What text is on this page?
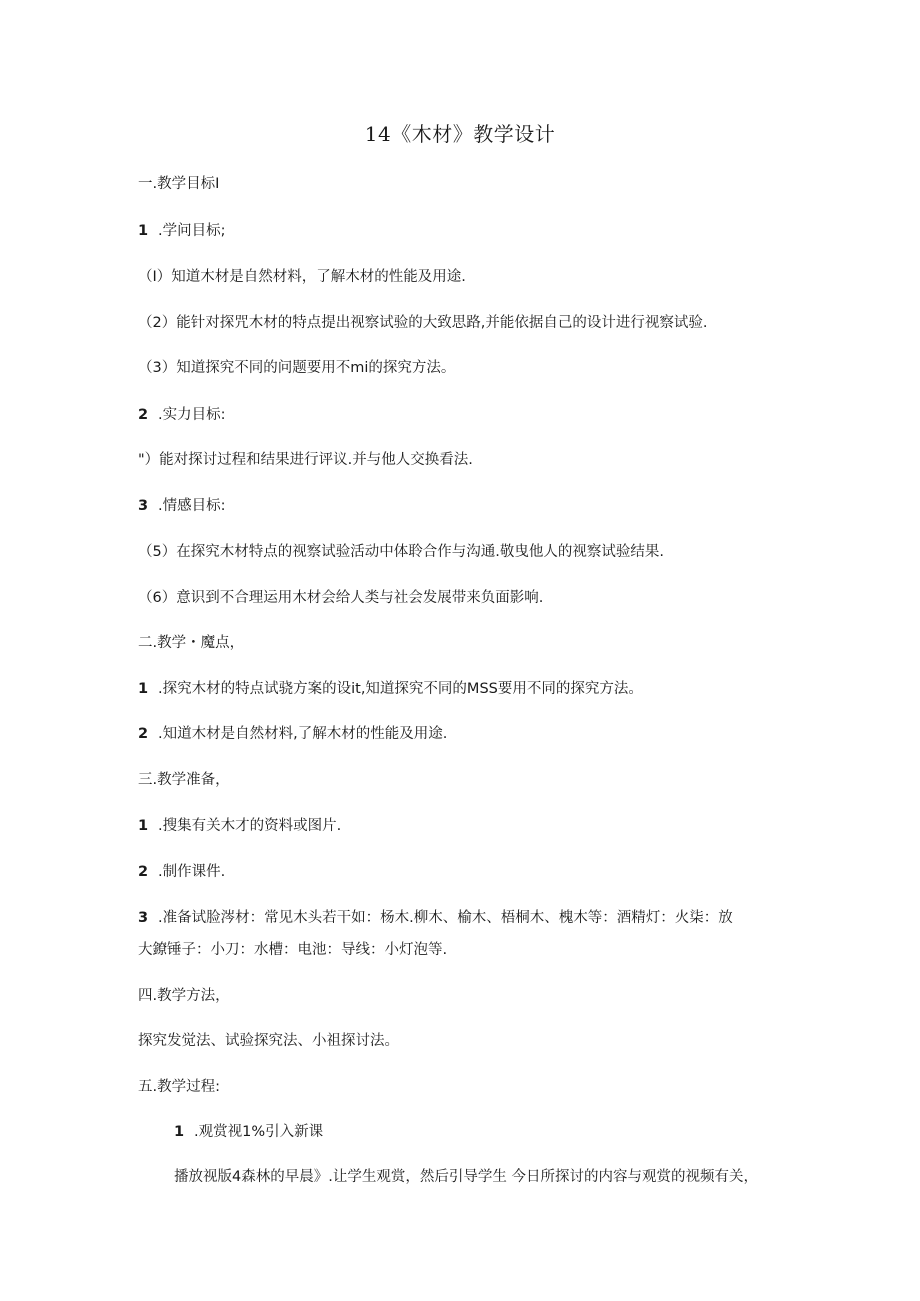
14《木材》教学设计
一.教学目标I
1 .学问目标;
（I）知道木材是自然材料，了解木材的性能及用途.
（2）能针对探咒木材的特点提出视察试验的大致思路,并能依据自己的设计进行视察试验.
（3）知道探究不同的问题要用不mi的探究方法。
2 .实力目标:
"）能对探讨过程和结果进行评议.并与他人交换看法.
3 .情感目标:
（5）在探究木材特点的视察试验活动中体聆合作与沟通.敬曳他人的视察试验结果.
（6）意识到不合理运用木材会给人类与社会发展带来负面影响.
二.教学・魔点，
1 .探究木材的特点试骁方案的设it,知道探究不同的MSS要用不同的探究方法。
2 .知道木材是自然材料,了解木材的性能及用途.
三.教学准备，
1 .搜集有关木才的资料或图片.
2 .制作课件.
3 .准备试脸涔材：常见木头若干如：杨木.柳木、榆木、梧桐木、槐木等：酒精灯：火柒：放
大鐐锤子：小刀：水槽：电池：导线：小灯泡等.
四.教学方法，
探究发觉法、试验探究法、小祖探讨法。
五.教学过程:
1 .观赏视1%引入新课
播放视版4森林的早晨》.让学生观赏，然后引导学生 今日所探讨的内容与观赏的视频有关，
